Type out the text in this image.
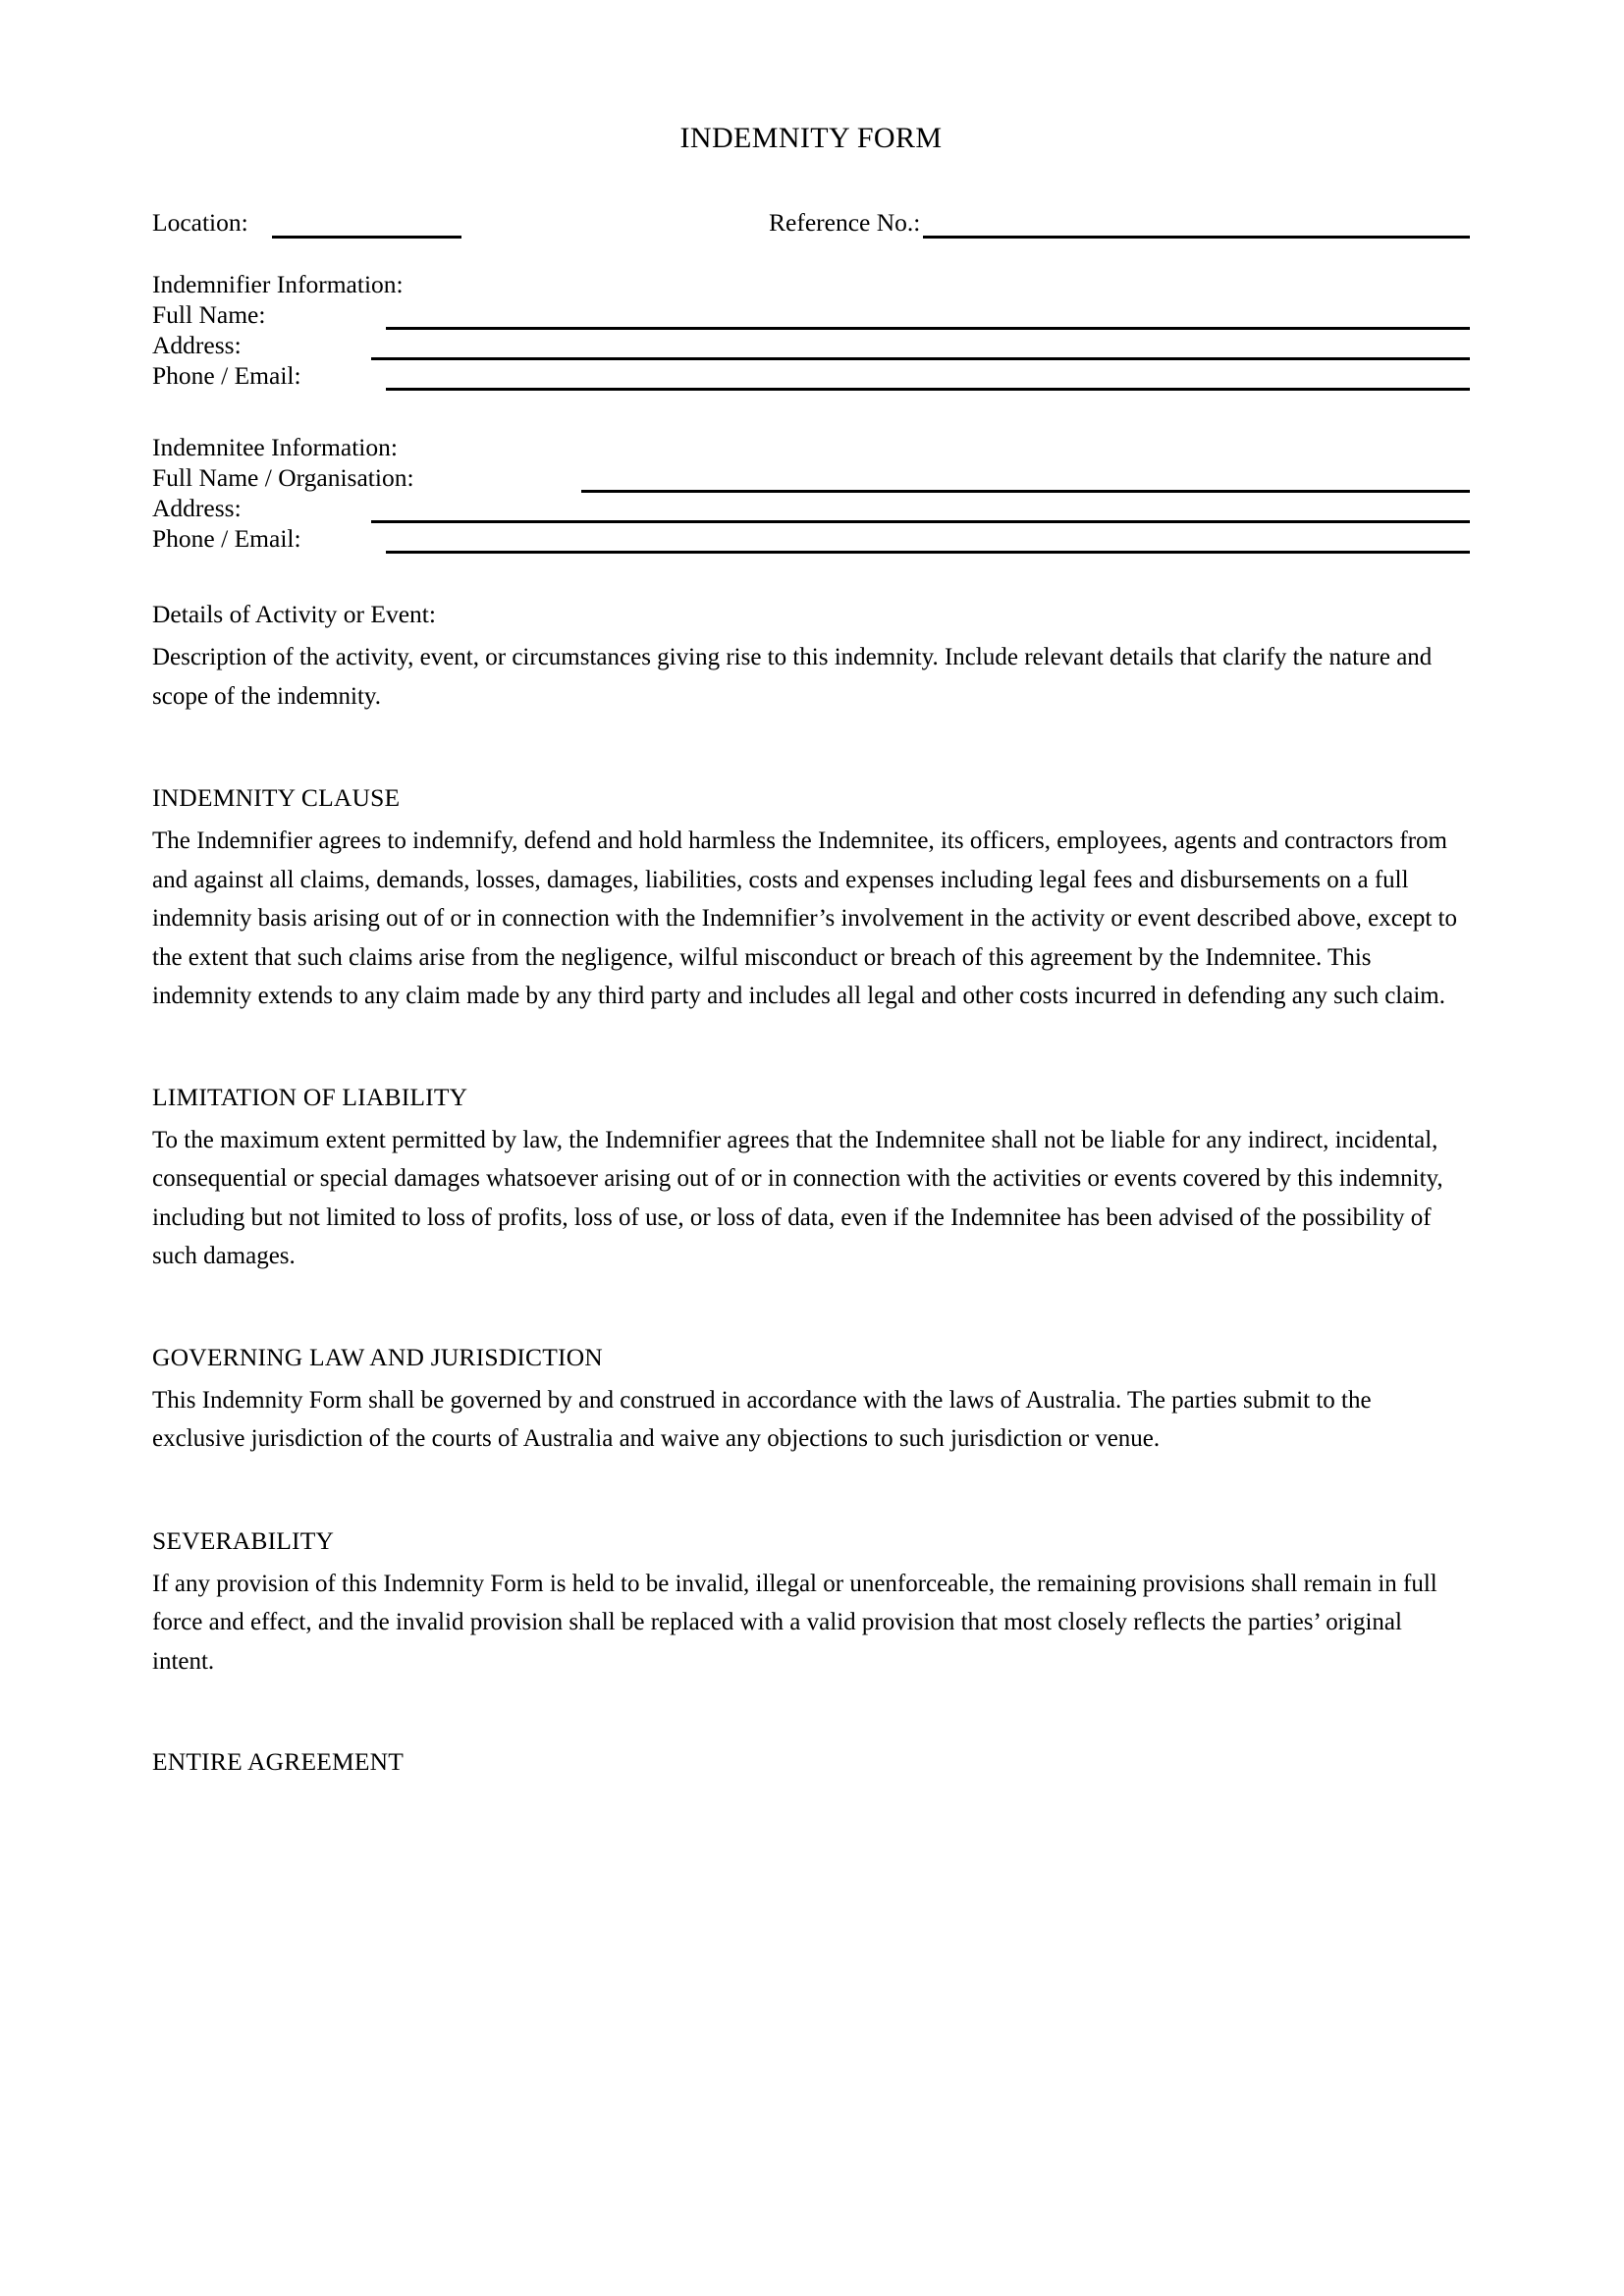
INDEMNITY FORM
Location:	Reference No.:
Indemnifier Information:
Full Name:
Address:
Phone / Email:
Indemnitee Information:
Full Name / Organisation:
Address:
Phone / Email:
Details of Activity or Event:

Description of the activity, event, or circumstances giving rise to this indemnity. Include relevant details that clarify the nature and scope of the indemnity.

INDEMNITY CLAUSE

The Indemnifier agrees to indemnify, defend and hold harmless the Indemnitee, its officers, employees, agents and contractors from and against all claims, demands, losses, damages, liabilities, costs and expenses including legal fees and disbursements on a full indemnity basis arising out of or in connection with the Indemnifier’s involvement in the activity or event described above, except to the extent that such claims arise from the negligence, wilful misconduct or breach of this agreement by the Indemnitee. This indemnity extends to any claim made by any third party and includes all legal and other costs incurred in defending any such claim.

LIMITATION OF LIABILITY

To the maximum extent permitted by law, the Indemnifier agrees that the Indemnitee shall not be liable for any indirect, incidental, consequential or special damages whatsoever arising out of or in connection with the activities or events covered by this indemnity, including but not limited to loss of profits, loss of use, or loss of data, even if the Indemnitee has been advised of the possibility of such damages.

GOVERNING LAW AND JURISDICTION

This Indemnity Form shall be governed by and construed in accordance with the laws of Australia. The parties submit to the exclusive jurisdiction of the courts of Australia and waive any objections to such jurisdiction or venue.

SEVERABILITY

If any provision of this Indemnity Form is held to be invalid, illegal or unenforceable, the remaining provisions shall remain in full force and effect, and the invalid provision shall be replaced with a valid provision that most closely reflects the parties’ original intent.

ENTIRE AGREEMENT
